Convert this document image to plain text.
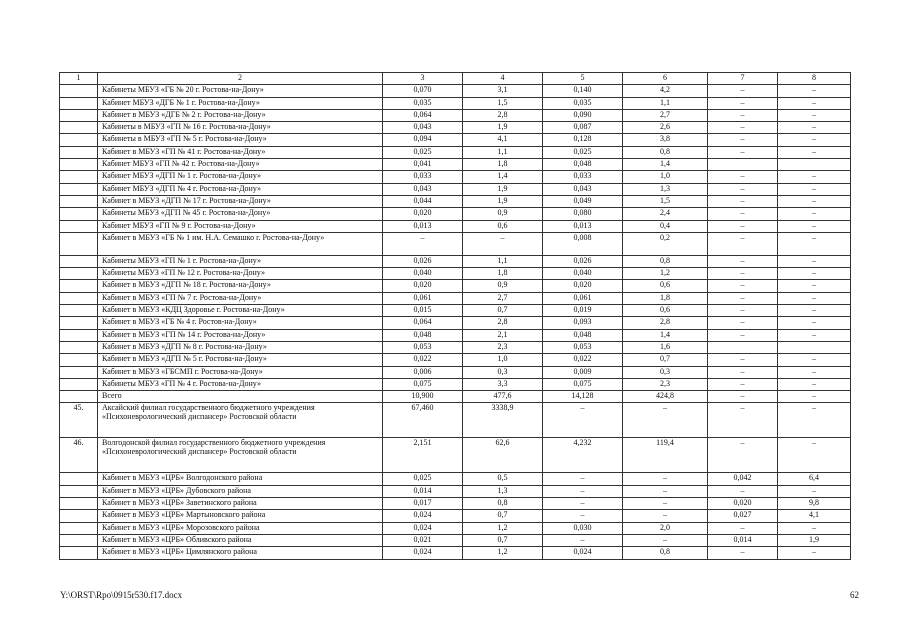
1	2	3	4	5	6	7	8
	Кабинеты МБУЗ «ГБ № 20 г. Ростова-на-Дону»	0,070	3,1	0,140	4,2	–	–
	Кабинет МБУЗ «ДГБ № 1 г. Ростова-на-Дону»	0,035	1,5	0,035	1,1	–	–
	Кабинет в МБУЗ «ДГБ № 2 г. Ростова-на-Дону»	0,064	2,8	0,090	2,7	–	–
	Кабинеты в МБУЗ «ГП № 16 г. Ростова-на-Дону»	0,043	1,9	0,087	2,6	–	–
	Кабинеты в МБУЗ «ГП № 5 г. Ростова-на-Дону»	0,094	4,1	0,128	3,8	–	–
	Кабинет в МБУЗ «ГП № 41 г. Ростова-на-Дону»	0,025	1,1	0,025	0,8	–	–
	Кабинет МБУЗ «ГП № 42 г. Ростова-на-Дону»	0,041	1,8	0,048	1,4		
	Кабинет МБУЗ «ДГП № 1 г. Ростова-на-Дону»	0,033	1,4	0,033	1,0	–	–
	Кабинет МБУЗ «ДГП № 4 г. Ростова-на-Дону»	0,043	1,9	0,043	1,3	–	–
	Кабинет в МБУЗ «ДГП № 17 г. Ростова-на-Дону»	0,044	1,9	0,049	1,5	–	–
	Кабинеты МБУЗ «ДГП № 45 г. Ростова-на-Дону»	0,020	0,9	0,080	2,4	–	–
	Кабинет МБУЗ «ГП № 9 г. Ростова-на-Дону»	0,013	0,6	0,013	0,4	–	–
	Кабинет в МБУЗ «ГБ № 1 им. Н.А. Семашко г. Ростова-на-Дону»	–	–	0,008	0,2	–	–
	Кабинеты МБУЗ «ГП № 1 г. Ростова-на-Дону»	0,026	1,1	0,026	0,8	–	–
	Кабинеты МБУЗ «ГП № 12 г. Ростова-на-Дону»	0,040	1,8	0,040	1,2	–	–
	Кабинет в МБУЗ «ДГП № 18 г. Ростова-на-Дону»	0,020	0,9	0,020	0,6	–	–
	Кабинет в МБУЗ «ГП № 7 г. Ростова-на-Дону»	0,061	2,7	0,061	1,8	–	–
	Кабинет в МБУЗ «КДЦ Здоровье г. Ростова-на-Дону»	0,015	0,7	0,019	0,6	–	–
	Кабинет в МБУЗ «ГБ № 4 г. Ростов-на-Дону»	0,064	2,8	0,093	2,8	–	–
	Кабинет в МБУЗ «ГП № 14 г. Ростова-на-Дону»	0,048	2,1	0,048	1,4	–	–
	Кабинет в МБУЗ «ДГП № 8 г. Ростова-на-Дону»	0,053	2,3	0,053	1,6		
	Кабинет в МБУЗ «ДГП № 5 г. Ростова-на-Дону»	0,022	1,0	0,022	0,7	–	–
	Кабинет в МБУЗ «ГБСМП г. Ростова-на-Дону»	0,006	0,3	0,009	0,3	–	–
	Кабинеты МБУЗ «ГП № 4 г. Ростова-на-Дону»	0,075	3,3	0,075	2,3	–	–
	Всего	10,900	477,6	14,128	424,8	–	–
45.	Аксайский филиал государственного бюджетного учреждения «Психоневрологический диспансер» Ростовской области	67,460	3338,9	–	–	–	–
46.	Волгодонской филиал государственного бюджетного учреждения «Психоневрологический диспансер» Ростовской области	2,151	62,6	4,232	119,4	–	–
	Кабинет в МБУЗ «ЦРБ» Волгодонского района	0,025	0,5	–	–	0,042	6,4
	Кабинет в МБУЗ «ЦРБ» Дубовского района	0,014	1,3	–	–	–	–
	Кабинет в МБУЗ «ЦРБ» Заветинского района	0,017	0,8	–	–	0,020	9,8
	Кабинет в МБУЗ «ЦРБ» Мартыновского района	0,024	0,7	–	–	0,027	4,1
	Кабинет в МБУЗ «ЦРБ» Морозовского района	0,024	1,2	0,030	2,0	–	–
	Кабинет в МБУЗ «ЦРБ» Обливского района	0,021	0,7	–	–	0,014	1,9
	Кабинет в МБУЗ «ЦРБ» Цимлянского района	0,024	1,2	0,024	0,8	–	–
Y:\ORST\Rpo\0915r530.f17.docx	62
